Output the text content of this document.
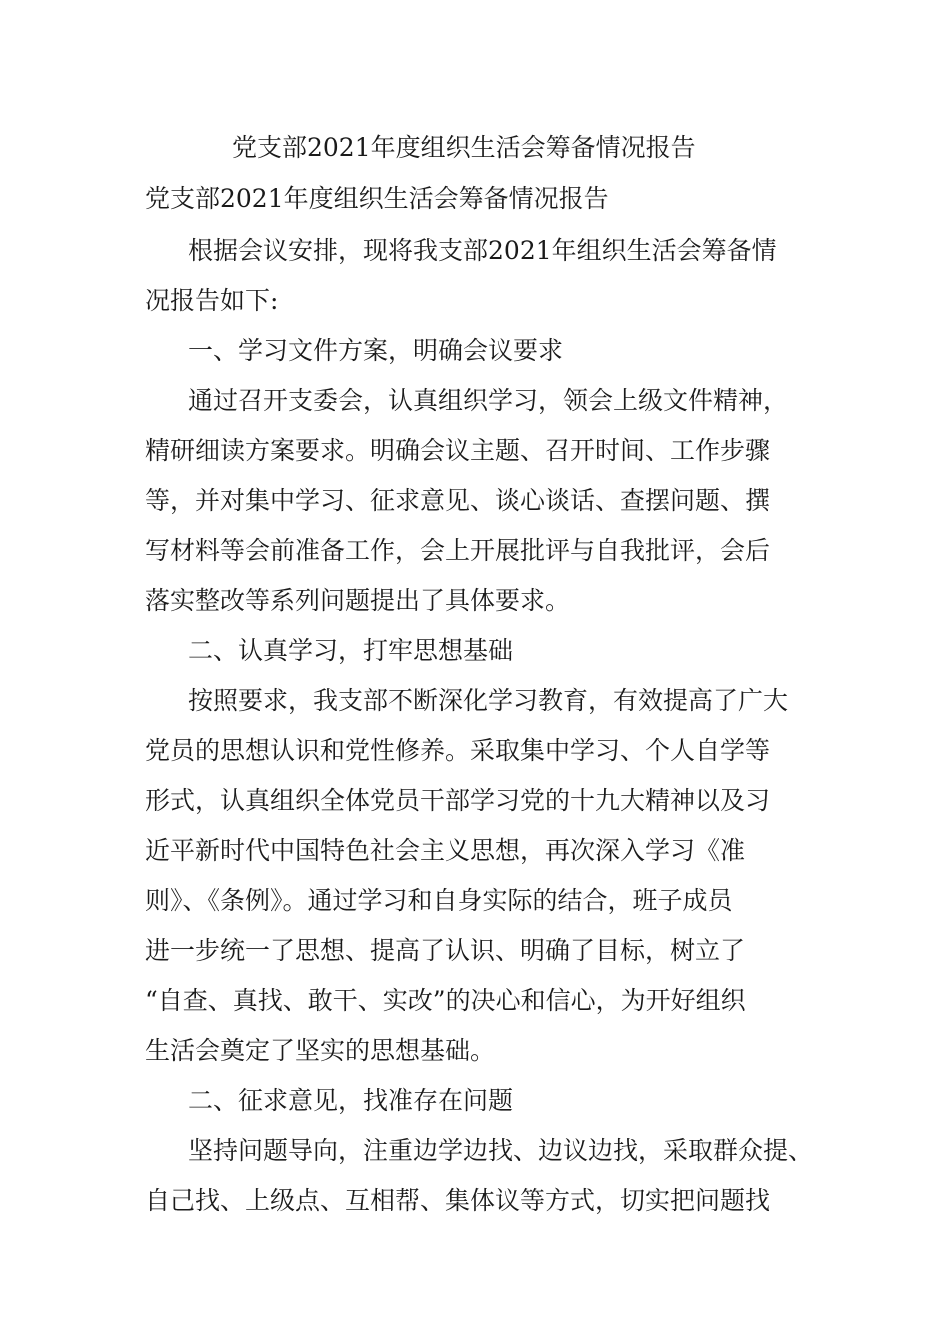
党支部2021年度组织生活会筹备情况报告
党支部2021年度组织生活会筹备情况报告
根据会议安排，现将我支部2021年组织生活会筹备情
况报告如下:
一、学习文件方案，明确会议要求
通过召开支委会，认真组织学习，领会上级文件精神，
精研细读方案要求。明确会议主题、召开时间、工作步骤
等，并对集中学习、征求意见、谈心谈话、查摆问题、撰
写材料等会前准备工作，会上开展批评与自我批评，会后
落实整改等系列问题提出了具体要求。
二、认真学习，打牢思想基础
按照要求，我支部不断深化学习教育，有效提高了广大
党员的思想认识和党性修养。采取集中学习、个人自学等
形式，认真组织全体党员干部学习党的十九大精神以及习
近平新时代中国特色社会主义思想，再次深入学习《准
则》、《条例》。通过学习和自身实际的结合，班子成员
进一步统一了思想、提高了认识、明确了目标，树立了
“自查、真找、敢干、实改”的决心和信心，为开好组织
生活会奠定了坚实的思想基础。
二、征求意见，找准存在问题
坚持问题导向，注重边学边找、边议边找，采取群众提、
自己找、上级点、互相帮、集体议等方式，切实把问题找
